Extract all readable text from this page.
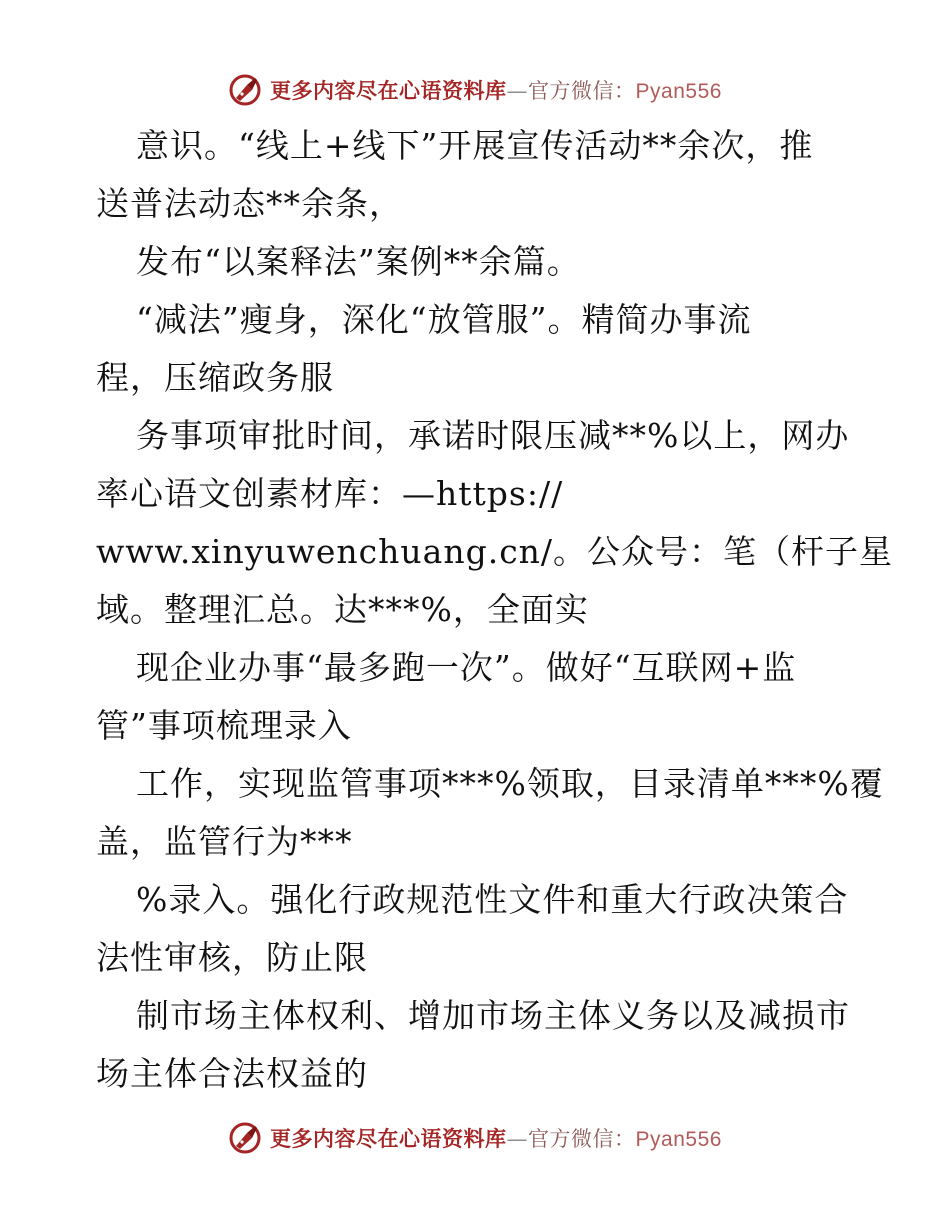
更多内容尽在心语资料库—官方微信：Pyan556
意识。“线上+线下”开展宣传活动**余次，推
送普法动态**余条，
发布“以案释法”案例**余篇。
“减法”瘦身，深化“放管服”。精简办事流
程，压缩政务服
务事项审批时间，承诺时限压减**%以上，网办
率心语文创素材库：—https://
www.xinyuwenchuang.cn/。公众号：笔（杆子星
域。整理汇总。达***%，全面实
现企业办事“最多跑一次”。做好“互联网+监
管”事项梳理录入
工作，实现监管事项***%领取，目录清单***%覆
盖，监管行为***
%录入。强化行政规范性文件和重大行政决策合
法性审核，防止限
制市场主体权利、增加市场主体义务以及减损市
场主体合法权益的
更多内容尽在心语资料库—官方微信：Pyan556
